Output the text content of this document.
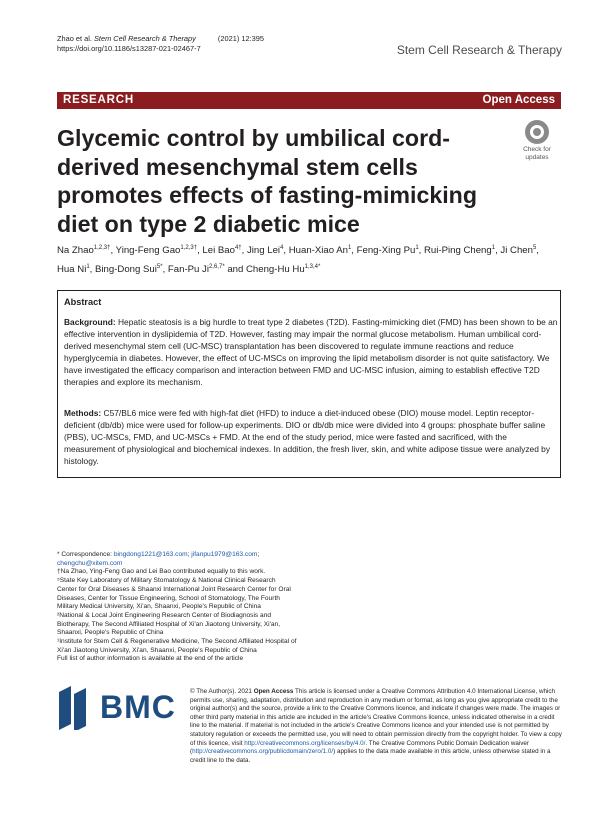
Zhao et al. Stem Cell Research & Therapy	(2021) 12:395
https://doi.org/10.1186/s13287-021-02467-7	Stem Cell Research & Therapy
RESEARCH	Open Access
Glycemic control by umbilical cord-derived mesenchymal stem cells promotes effects of fasting-mimicking diet on type 2 diabetic mice
Check for
updates
Na Zhao$^{1,2,3\dagger}$, Ying-Feng Gao$^{1,2,3\dagger}$, Lei Bao$^{4\dagger}$, Jing Lei$^4$, Huan-Xiao An$^1$, Feng-Xing Pu$^1$, Rui-Ping Cheng$^1$, Ji Chen$^5$, Hua Ni$^1$, Bing-Dong Sui$^{5*}$, Fan-Pu $Ji^{2,6,7*}$ and Cheng-Hu $Hu^{1,3,4*}$
Abstract

Background: Hepatic steatosis is a big hurdle to treat type 2 diabetes (T2D). Fasting-mimicking diet (FMD) has been shown to be an effective intervention in dyslipidemia of T2D. However, fasting may impair the normal glucose metabolism. Human umbilical cord-derived mesenchymal stem cell (UC-MSC) transplantation has been discovered to regulate immune reactions and reduce hyperglycemia in diabetes. However, the effect of UC-MSCs on improving the lipid metabolism disorder is not quite satisfactory. We have investigated the efficacy comparison and interaction between FMD and UC-MSC infusion, aiming to establish effective T2D therapies and explore its mechanism.

Methods: C57/BL6 mice were fed with high-fat diet (HFD) to induce a diet-induced obese (DIO) mouse model. Leptin receptor-deficient (db/db) mice were used for follow-up experiments. DIO or db/db mice were divided into 4 groups: phosphate buffer saline (PBS), UC-MSCs, FMD, and UC-MSCs + FMD. At the end of the study period, mice were fasted and sacrificed, with the measurement of physiological and biochemical indexes. In addition, the fresh liver, skin, and white adipose tissue were analyzed by histology.

* Correspondence: bingdong1221@163.com; jifanpu1979@163.com;

chengchu@xitem.com

†Na Zhao, Ying-Feng Gao and Lei Bao contributed equally to this work.

⁵State Key Laboratory of Military Stomatology & National Clinical Research Center for Oral Diseases & Shaanxi International Joint Research Center for Oral Diseases, Center for Tissue Engineering, School of Stomatology, The Fourth Military Medical University, Xi'an, Shaanxi, People's Republic of China

²National & Local Joint Engineering Research Center of Biodiagnosis and Biotherapy, The Second Affiliated Hospital of Xi'an Jiaotong University, Xi'an, Shaanxi, People's Republic of China

¹Institute for Stem Cell & Regenerative Medicine, The Second Affiliated Hospital of Xi'an Jiaotong University, Xi'an, Shaanxi, People's Republic of China

Full list of author information is available at the end of the article

BMC © The Author(s). 2021 Open Access This article is licensed under a Creative Commons Attribution 4.0 International License, which permits use, sharing, adaptation, distribution and reproduction in any medium or format, as long as you give appropriate credit to the original author(s) and the source, provide a link to the Creative Commons licence, and indicate if changes were made. The images or other third party material in this article are included in the article's Creative Commons licence, unless indicated otherwise in a credit line to the material. If material is not included in the article's Creative Commons licence and your intended use is not permitted by statutory regulation or exceeds the permitted use, you will need to obtain permission directly from the copyright holder. To view a copy of this licence, visit http://creativecommons.org/licenses/by/4.0/. The Creative Commons Public Domain Dedication waiver (http://creativecommons.org/publicdomain/zero/1.0/) applies to the data made available in this article, unless otherwise stated in a credit line to the data.
